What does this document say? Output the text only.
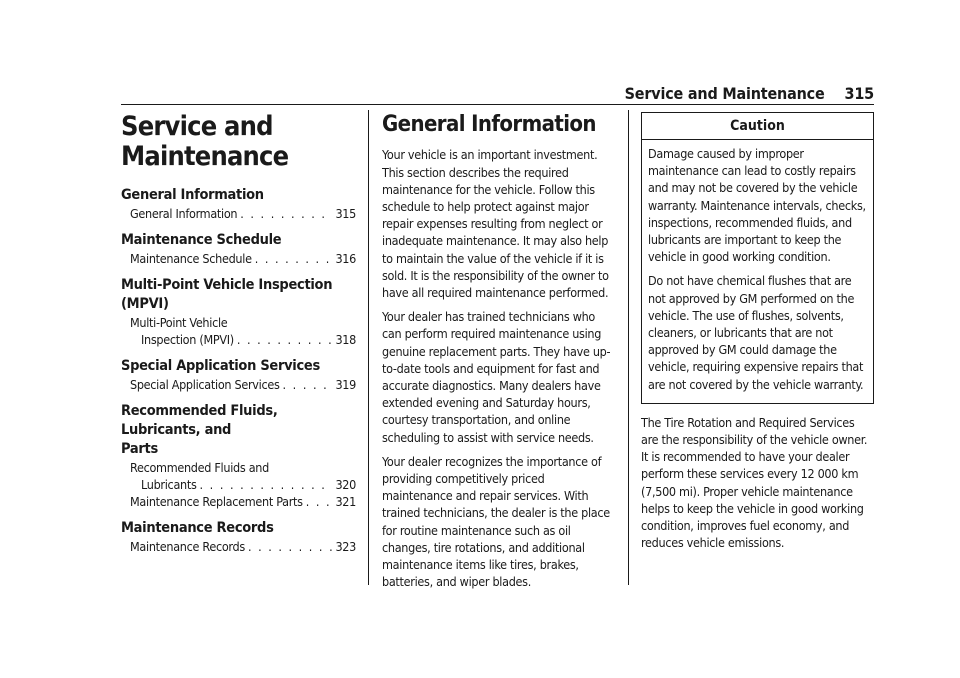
Service and Maintenance 315
Service and Maintenance
General Information
General Information . . .	315
Maintenance Schedule
Maintenance Schedule . . .	316
Multi-Point Vehicle Inspection (MPVI)
Multi-Point Vehicle
Inspection (MPVI) . . .	318
Special Application Services
Special Application Services . . .	319
Recommended Fluids, Lubricants, and
Parts
Recommended Fluids and
Lubricants . . .	320
Maintenance Replacement Parts . . .	321
Maintenance Records
Maintenance Records . . .	323
General Information

Your vehicle is an important investment. This section describes the required maintenance for the vehicle. Follow this schedule to help protect against major repair expenses resulting from neglect or inadequate maintenance. It may also help to maintain the value of the vehicle if it is sold. It is the responsibility of the owner to have all required maintenance performed.

Your dealer has trained technicians who can perform required maintenance using genuine replacement parts. They have up-to-date tools and equipment for fast and accurate diagnostics. Many dealers have extended evening and Saturday hours, courtesy transportation, and online scheduling to assist with service needs.

Your dealer recognizes the importance of providing competitively priced maintenance and repair services. With trained technicians, the dealer is the place for routine maintenance such as oil changes, tire rotations, and additional maintenance items like tires, brakes, batteries, and wiper blades.

Caution

Damage caused by improper maintenance can lead to costly repairs and may not be covered by the vehicle warranty. Maintenance intervals, checks, inspections, recommended fluids, and lubricants are important to keep the vehicle in good working condition.

Do not have chemical flushes that are not approved by GM performed on the vehicle. The use of flushes, solvents, cleaners, or lubricants that are not approved by GM could damage the vehicle, requiring expensive repairs that are not covered by the vehicle warranty.

The Tire Rotation and Required Services are the responsibility of the vehicle owner. It is recommended to have your dealer perform these services every 12 000 km (7,500 mi). Proper vehicle maintenance helps to keep the vehicle in good working condition, improves fuel economy, and reduces vehicle emissions.
